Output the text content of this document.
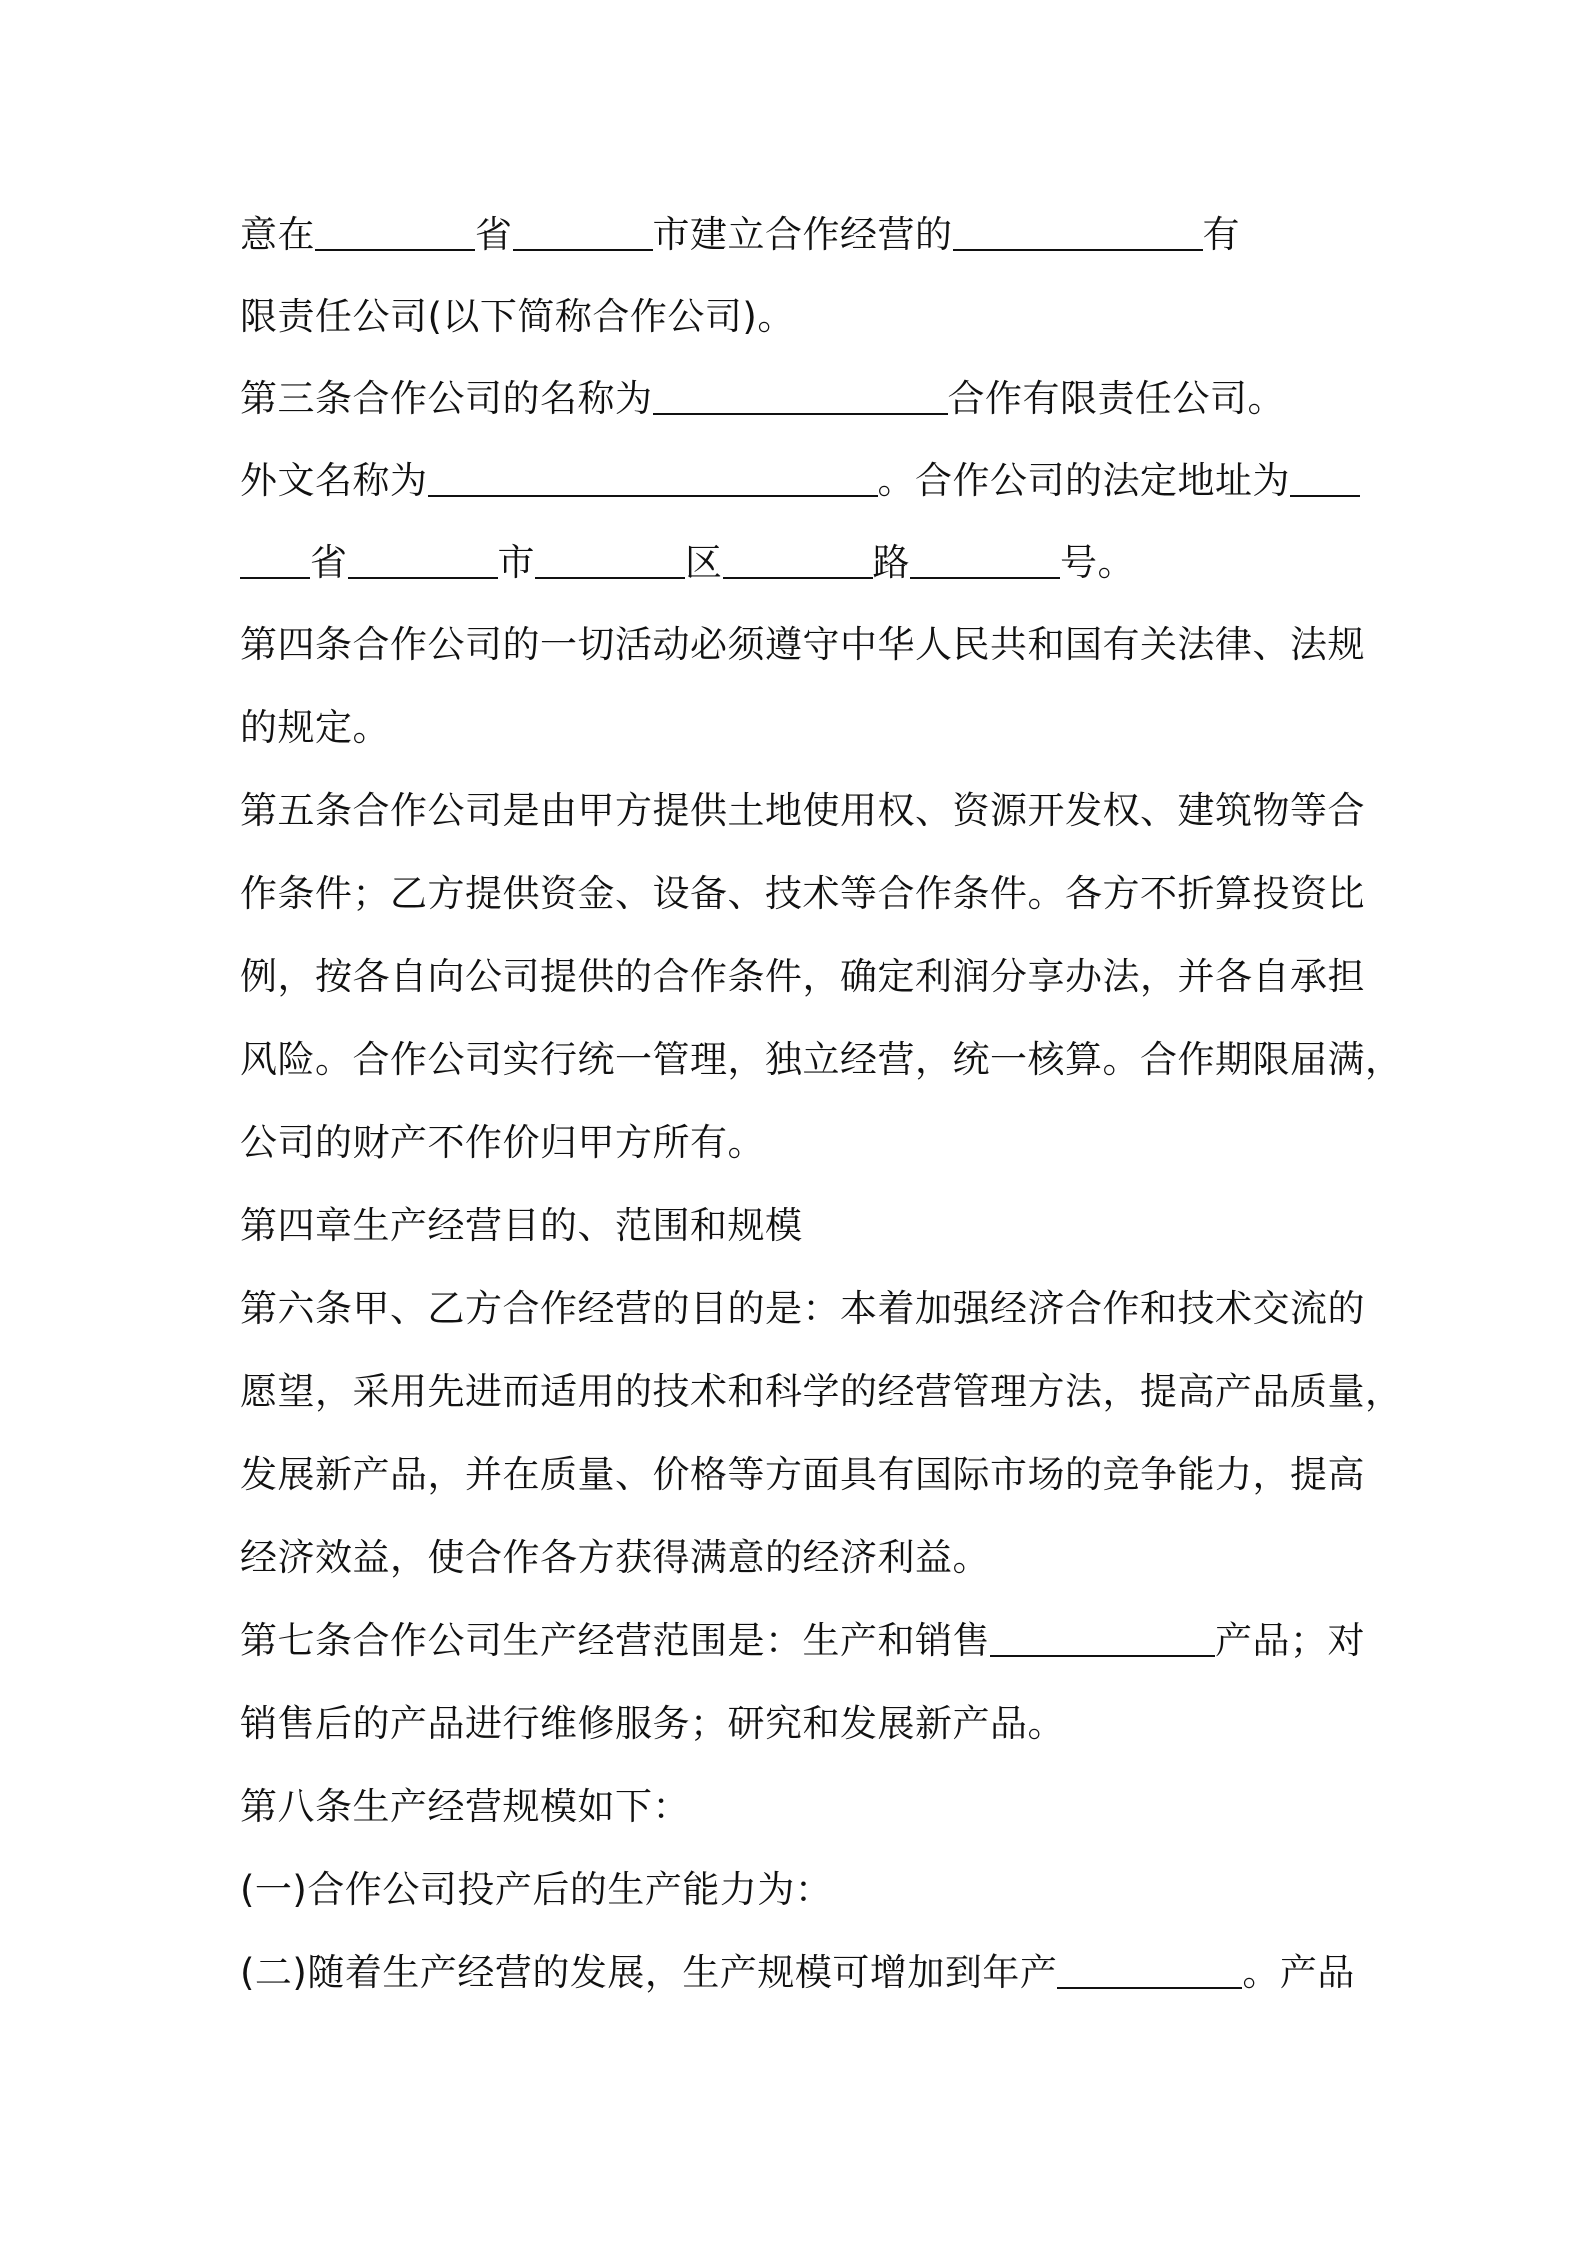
意在	省	市建立合作经营的	有
限责任公司(以下简称合作公司)。
第三条合作公司的名称为	合作有限责任公司。
外文名称为	。合作公司的法定地址为
省	市	区	路	号。
第四条合作公司的一切活动必须遵守中华人民共和国有关法律、法规
的规定。
第五条合作公司是由甲方提供土地使用权、资源开发权、建筑物等合
作条件；乙方提供资金、设备、技术等合作条件。各方不折算投资比
例，按各自向公司提供的合作条件，确定利润分享办法，并各自承担
风险。合作公司实行统一管理，独立经营，统一核算。合作期限届满，
公司的财产不作价归甲方所有。
第四章生产经营目的、范围和规模
第六条甲、乙方合作经营的目的是：本着加强经济合作和技术交流的
愿望，采用先进而适用的技术和科学的经营管理方法，提高产品质量，
发展新产品，并在质量、价格等方面具有国际市场的竞争能力，提高
经济效益，使合作各方获得满意的经济利益。
第七条合作公司生产经营范围是：生产和销售	产品；对
销售后的产品进行维修服务；研究和发展新产品。
第八条生产经营规模如下：
(一)合作公司投产后的生产能力为：
(二)随着生产经营的发展，生产规模可增加到年产	。产品
